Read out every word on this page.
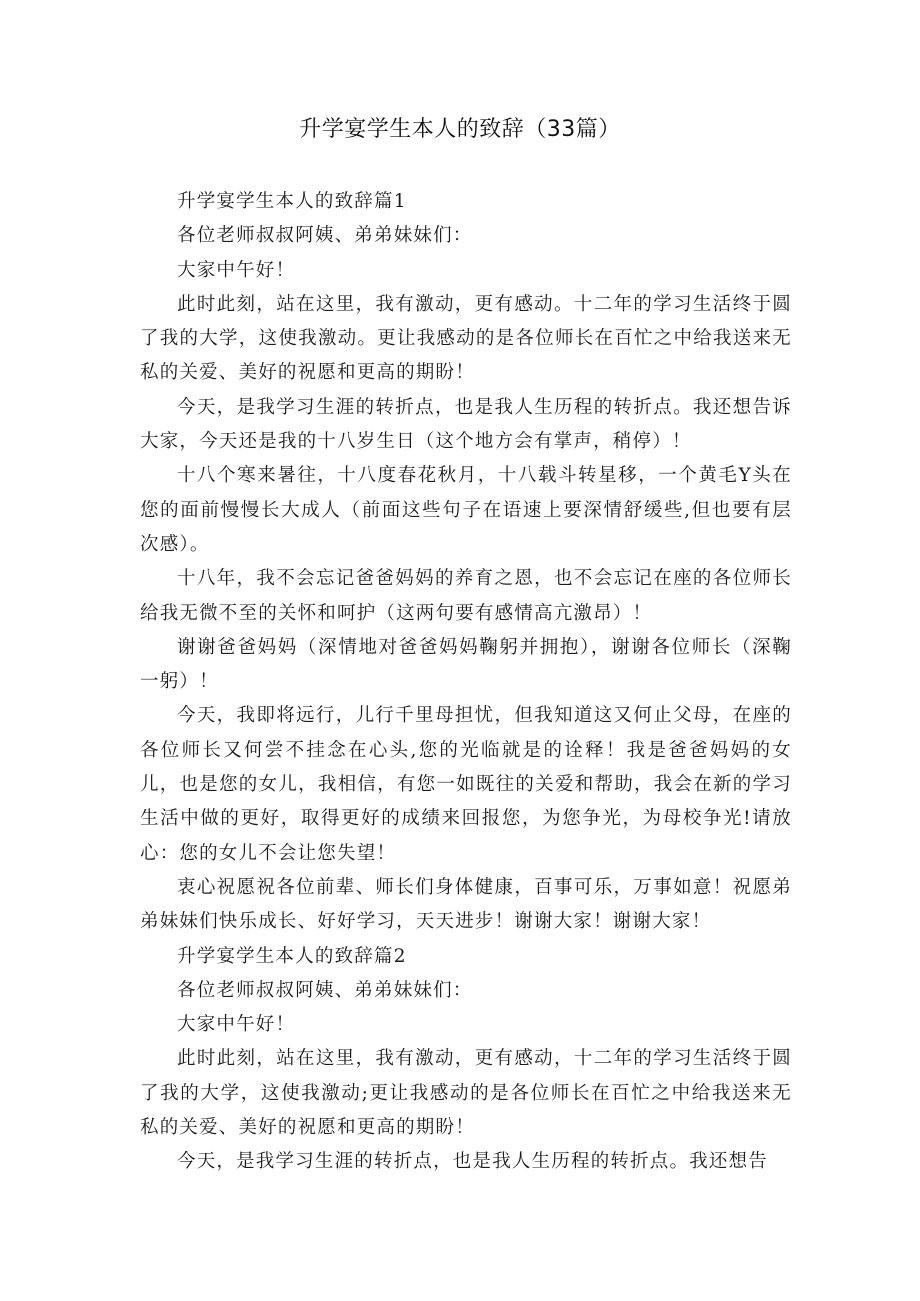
升学宴学生本人的致辞（33篇）

升学宴学生本人的致辞篇1

各位老师叔叔阿姨、弟弟妹妹们：

大家中午好！

此时此刻，站在这里，我有激动，更有感动。十二年的学习生活终于圆了我的大学，这使我激动。更让我感动的是各位师长在百忙之中给我送来无私的关爱、美好的祝愿和更高的期盼！

今天，是我学习生涯的转折点，也是我人生历程的转折点。我还想告诉大家，今天还是我的十八岁生日（这个地方会有掌声，稍停）！

十八个寒来暑往，十八度春花秋月，十八载斗转星移，一个黄毛Y头在您的面前慢慢长大成人（前面这些句子在语速上要深情舒缓些,但也要有层次感）。

十八年，我不会忘记爸爸妈妈的养育之恩，也不会忘记在座的各位师长给我无微不至的关怀和呵护（这两句要有感情高亢激昂）！

谢谢爸爸妈妈（深情地对爸爸妈妈鞠躬并拥抱），谢谢各位师长（深鞠一躬）！

今天，我即将远行，儿行千里母担忧，但我知道这又何止父母，在座的各位师长又何尝不挂念在心头,您的光临就是的诠释！我是爸爸妈妈的女儿，也是您的女儿，我相信，有您一如既往的关爱和帮助，我会在新的学习生活中做的更好，取得更好的成绩来回报您，为您争光，为母校争光!请放心：您的女儿不会让您失望！

衷心祝愿祝各位前辈、师长们身体健康，百事可乐，万事如意！祝愿弟弟妹妹们快乐成长、好好学习，天天进步！谢谢大家！谢谢大家！

升学宴学生本人的致辞篇2

各位老师叔叔阿姨、弟弟妹妹们：

大家中午好！

此时此刻，站在这里，我有激动，更有感动，十二年的学习生活终于圆了我的大学，这使我激动;更让我感动的是各位师长在百忙之中给我送来无私的关爱、美好的祝愿和更高的期盼！

今天，是我学习生涯的转折点，也是我人生历程的转折点。我还想告
